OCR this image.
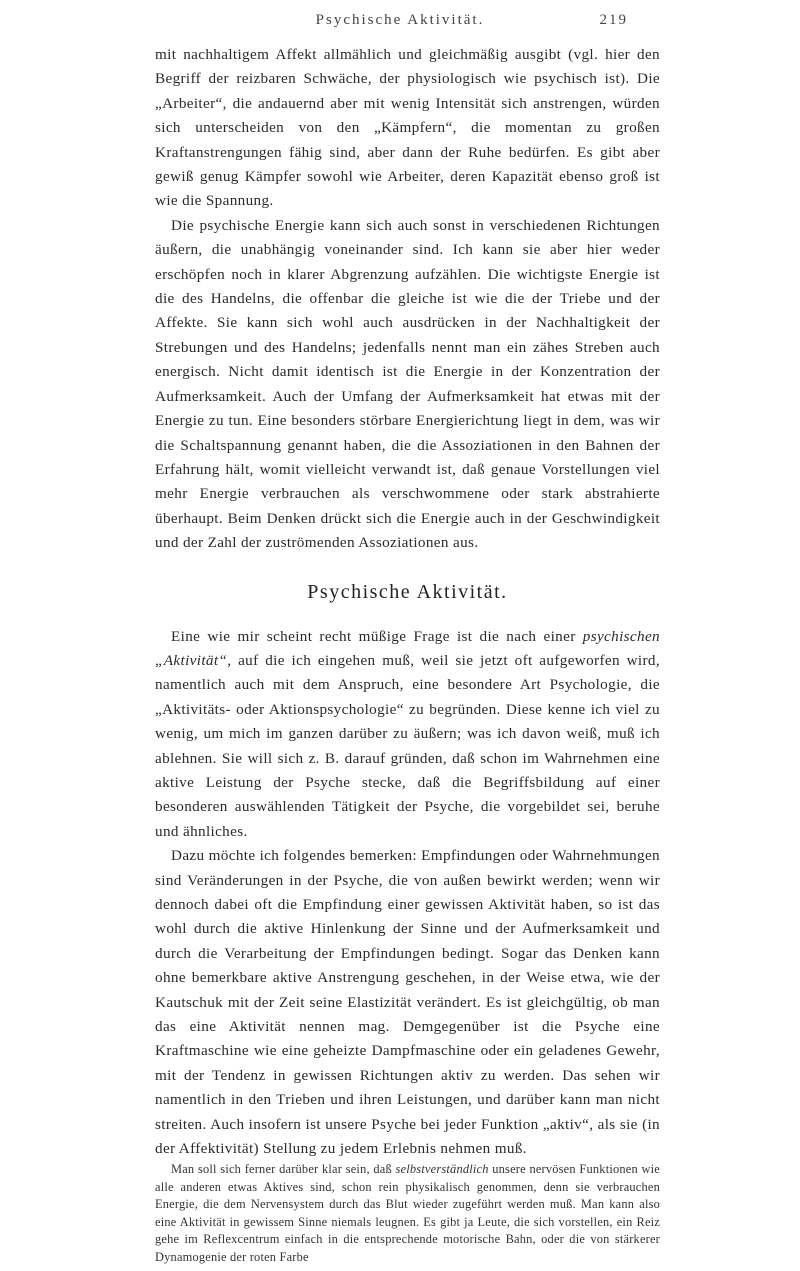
Psychische Aktivität.	219

mit nachhaltigem Affekt allmählich und gleichmäßig ausgibt (vgl. hier den Begriff der reizbaren Schwäche, der physiologisch wie psychisch ist). Die „Arbeiter“, die andauernd aber mit wenig Intensität sich anstrengen, würden sich unterscheiden von den „Kämpfern“, die momentan zu großen Kraftanstrengungen fähig sind, aber dann der Ruhe bedürfen. Es gibt aber gewiß genug Kämpfer sowohl wie Arbeiter, deren Kapazität ebenso groß ist wie die Spannung.

Die psychische Energie kann sich auch sonst in verschiedenen Richtungen äußern, die unabhängig voneinander sind. Ich kann sie aber hier weder erschöpfen noch in klarer Abgrenzung aufzählen. Die wichtigste Energie ist die des Handelns, die offenbar die gleiche ist wie die der Triebe und der Affekte. Sie kann sich wohl auch ausdrücken in der Nachhaltigkeit der Strebungen und des Handelns; jedenfalls nennt man ein zähes Streben auch energisch. Nicht damit identisch ist die Energie in der Konzentration der Aufmerksamkeit. Auch der Umfang der Aufmerksamkeit hat etwas mit der Energie zu tun. Eine besonders störbare Energierichtung liegt in dem, was wir die Schaltspannung genannt haben, die die Assoziationen in den Bahnen der Erfahrung hält, womit vielleicht verwandt ist, daß genaue Vorstellungen viel mehr Energie verbrauchen als verschwommene oder stark abstrahierte überhaupt. Beim Denken drückt sich die Energie auch in der Geschwindigkeit und der Zahl der zuströmenden Assoziationen aus.

Psychische Aktivität.

Eine wie mir scheint recht müßige Frage ist die nach einer psychischen „Aktivität“, auf die ich eingehen muß, weil sie jetzt oft aufgeworfen wird, namentlich auch mit dem Anspruch, eine besondere Art Psychologie, die „Aktivitäts- oder Aktionspsychologie“ zu begründen. Diese kenne ich viel zu wenig, um mich im ganzen darüber zu äußern; was ich davon weiß, muß ich ablehnen. Sie will sich z. B. darauf gründen, daß schon im Wahrnehmen eine aktive Leistung der Psyche stecke, daß die Begriffsbildung auf einer besonderen auswählenden Tätigkeit der Psyche, die vorgebildet sei, beruhe und ähnliches.

Dazu möchte ich folgendes bemerken: Empfindungen oder Wahrnehmungen sind Veränderungen in der Psyche, die von außen bewirkt werden; wenn wir dennoch dabei oft die Empfindung einer gewissen Aktivität haben, so ist das wohl durch die aktive Hinlenkung der Sinne und der Aufmerksamkeit und durch die Verarbeitung der Empfindungen bedingt. Sogar das Denken kann ohne bemerkbare aktive Anstrengung geschehen, in der Weise etwa, wie der Kautschuk mit der Zeit seine Elastizität verändert. Es ist gleichgültig, ob man das eine Aktivität nennen mag. Demgegenüber ist die Psyche eine Kraftmaschine wie eine geheizte Dampfmaschine oder ein geladenes Gewehr, mit der Tendenz in gewissen Richtungen aktiv zu werden. Das sehen wir namentlich in den Trieben und ihren Leistungen, und darüber kann man nicht streiten. Auch insofern ist unsere Psyche bei jeder Funktion „aktiv“, als sie (in der Affektivität) Stellung zu jedem Erlebnis nehmen muß.

Man soll sich ferner darüber klar sein, daß selbstverständlich unsere nervösen Funktionen wie alle anderen etwas Aktives sind, schon rein physikalisch genommen, denn sie verbrauchen Energie, die dem Nervensystem durch das Blut wieder zugeführt werden muß. Man kann also eine Aktivität in gewissem Sinne niemals leugnen. Es gibt ja Leute, die sich vorstellen, ein Reiz gehe im Reflexcentrum einfach in die entsprechende motorische Bahn, oder die von stärkerer Dynamogenie der roten Farbe
